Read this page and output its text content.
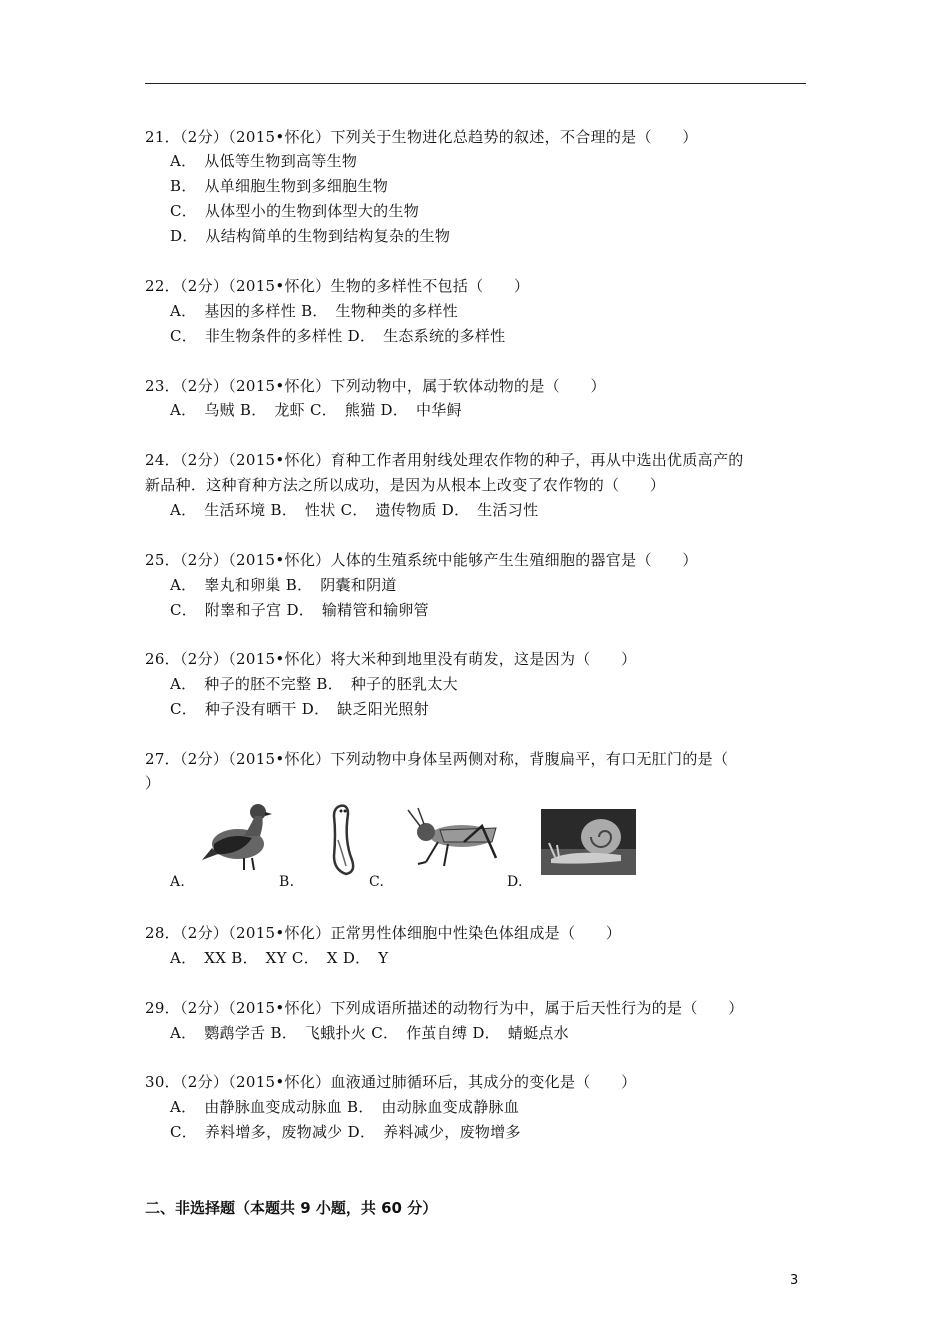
21．（2分）（2015•怀化）下列关于生物进化总趋势的叙述，不合理的是（　　）
A．　从低等生物到高等生物
B．　从单细胞生物到多细胞生物
C．　从体型小的生物到体型大的生物
D．　从结构简单的生物到结构复杂的生物
22．（2分）（2015•怀化）生物的多样性不包括（　　）
A．　基因的多样性 B．　生物种类的多样性
C．　非生物条件的多样性 D．　生态系统的多样性
23．（2分）（2015•怀化）下列动物中，属于软体动物的是（　　）
A．　乌贼 B．　龙虾 C．　熊猫 D．　中华鲟
24．（2分）（2015•怀化）育种工作者用射线处理农作物的种子，再从中选出优质高产的
新品种．这种育种方法之所以成功，是因为从根本上改变了农作物的（　　）
A．　生活环境 B．　性状 C．　遗传物质 D．　生活习性
25．（2分）（2015•怀化）人体的生殖系统中能够产生生殖细胞的器官是（　　）
A．　睾丸和卵巢 B．　阴囊和阴道
C．　附睾和子宫 D．　输精管和输卵管
26．（2分）（2015•怀化）将大米种到地里没有萌发，这是因为（　　）
A．　种子的胚不完整 B．　种子的胚乳太大
C．　种子没有晒干 D．　缺乏阳光照射
27．（2分）（2015•怀化）下列动物中身体呈两侧对称，背腹扁平，有口无肛门的是（
）
A.	B.	C.	D.
28．（2分）（2015•怀化）正常男性体细胞中性染色体组成是（　　）
A．　XX B．　XY C．　X D．　Y
29．（2分）（2015•怀化）下列成语所描述的动物行为中，属于后天性行为的是（　　）
A．　鹦鹉学舌 B．　飞蛾扑火 C．　作茧自缚 D．　蜻蜓点水
30．（2分）（2015•怀化）血液通过肺循环后，其成分的变化是（　　）
A．　由静脉血变成动脉血 B．　由动脉血变成静脉血
C．　养料增多，废物减少 D．　养料减少，废物增多
二、非选择题（本题共 9 小题，共 60 分）
3
